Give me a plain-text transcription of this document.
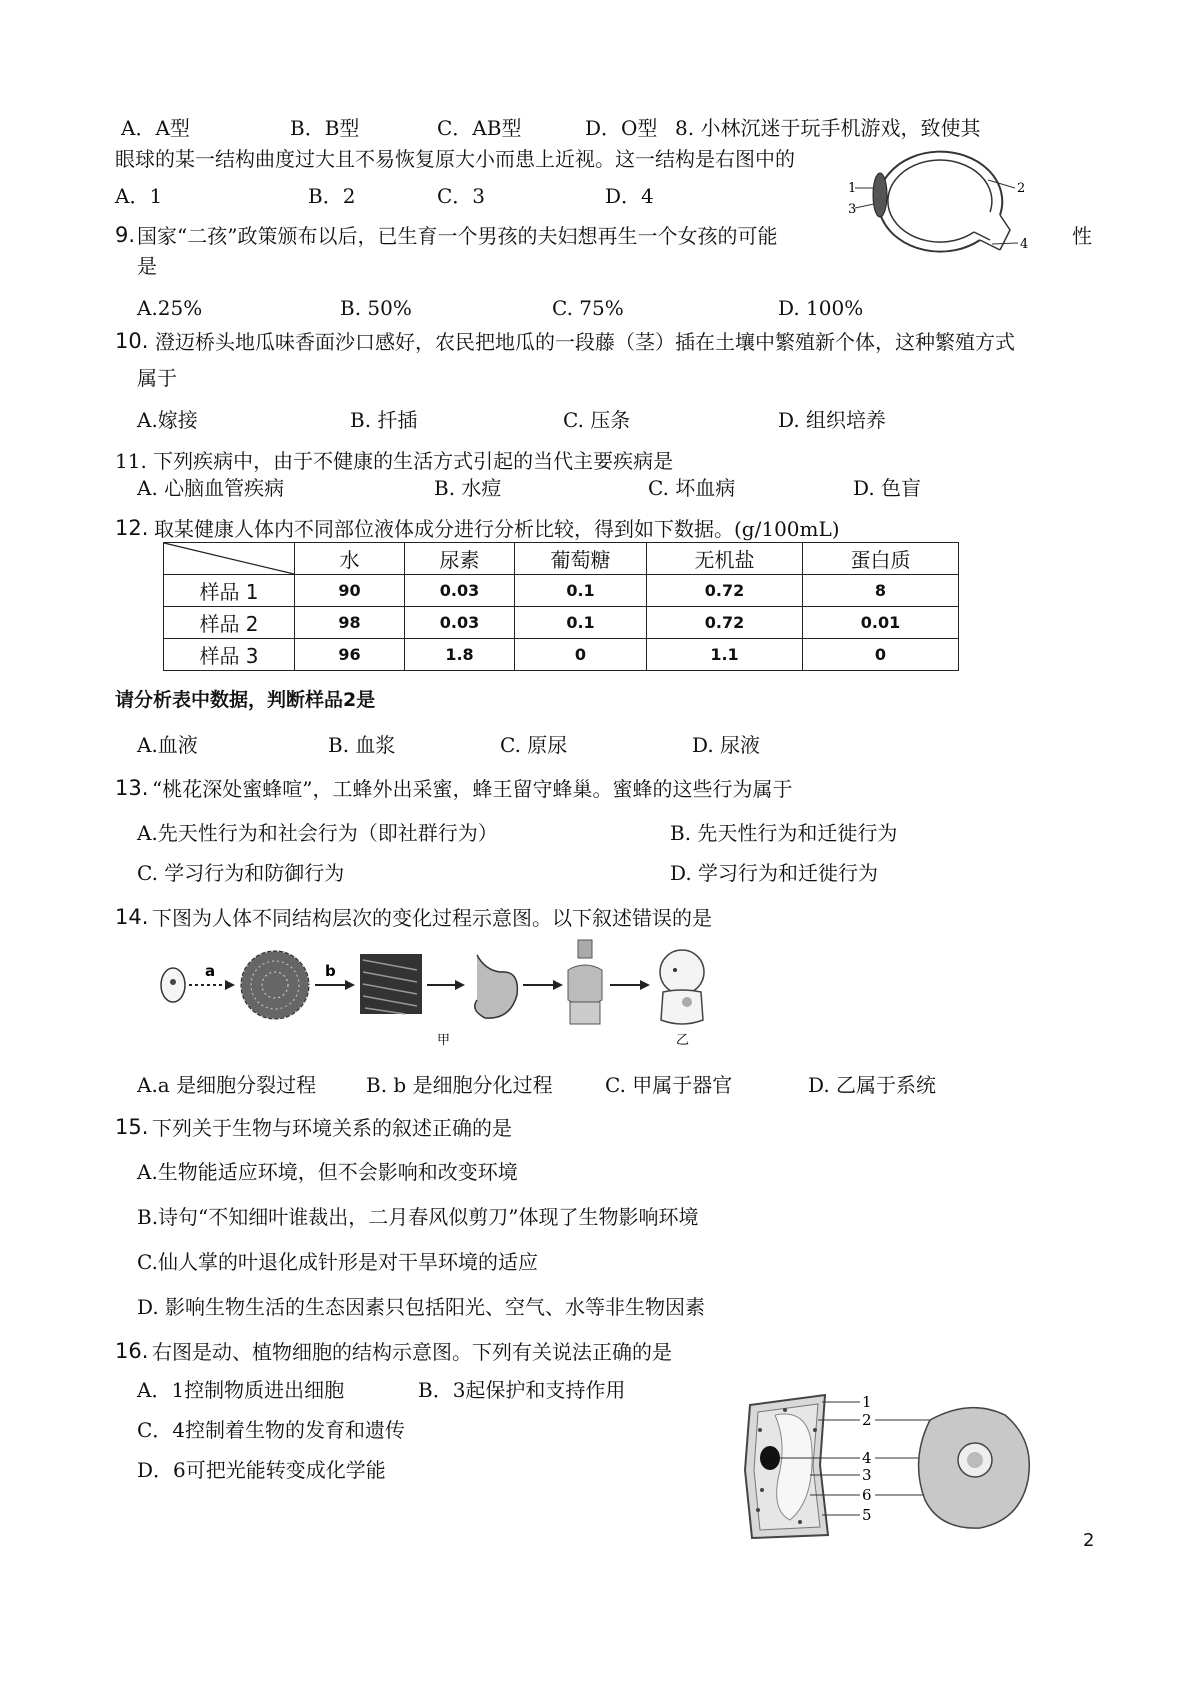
A．A型	B．B型	C．AB型	D．O型 8. 小林沉迷于玩手机游戏，致使其
眼球的某一结构曲度过大且不易恢复原大小而患上近视。这一结构是右图中的
A．1	B．2	C．3	D．4	1
3
2
4
9. 国家“二孩”政策颁布以后，已生育一个男孩的夫妇想再生一个女孩的可能	性
是
A.25%	B. 50%	C. 75%	D. 100%
10. 澄迈桥头地瓜味香面沙口感好，农民把地瓜的一段藤（茎）插在土壤中繁殖新个体，这种繁殖方式
属于
A.嫁接	B. 扦插	C. 压条	D. 组织培养
11. 下列疾病中，由于不健康的生活方式引起的当代主要疾病是
A. 心脑血管疾病	B. 水痘	C. 坏血病	D. 色盲
12. 取某健康人体内不同部位液体成分进行分析比较，得到如下数据。(g/100mL)
	水	尿素	葡萄糖	无机盐	蛋白质
样品 1	90	0.03	0.1	0.72	8
样品 2	98	0.03	0.1	0.72	0.01
样品 3	96	1.8	0	1.1	0
请分析表中数据，判断样品2是
A.血液	B. 血浆	C. 原尿	D. 尿液
13. “桃花深处蜜蜂喧”，工蜂外出采蜜，蜂王留守蜂巢。蜜蜂的这些行为属于
A.先天性行为和社会行为（即社群行为）	B. 先天性行为和迁徙行为
C. 学习行为和防御行为	D. 学习行为和迁徙行为
14. 下图为人体不同结构层次的变化过程示意图。以下叙述错误的是
a	b
甲	乙
A.a 是细胞分裂过程 B. b 是细胞分化过程	C. 甲属于器官	D. 乙属于系统
15. 下列关于生物与环境关系的叙述正确的是
A.生物能适应环境，但不会影响和改变环境
B.诗句“不知细叶谁裁出，二月春风似剪刀”体现了生物影响环境
C.仙人掌的叶退化成针形是对干旱环境的适应
D. 影响生物生活的生态因素只包括阳光、空气、水等非生物因素
16. 右图是动、植物细胞的结构示意图。下列有关说法正确的是
A．1控制物质进出细胞	B．3起保护和支持作用
C．4控制着生物的发育和遗传
D．6可把光能转变成化学能
1
2
4
3
6
5
2
